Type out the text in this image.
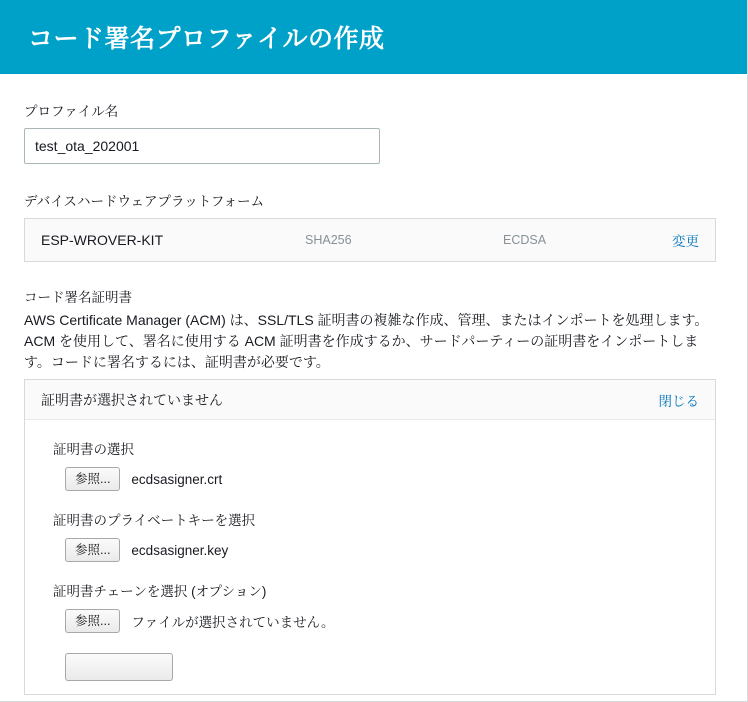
コード署名プロファイルの作成
プロファイル名
test_ota_202001
デバイスハードウェアプラットフォーム
ESP-WROVER-KIT	SHA256	ECDSA	変更
コード署名証明書

AWS Certificate Manager (ACM) は、SSL/TLS 証明書の複雑な作成、管理、またはインポートを処理します。 ACM を使用して、署名に使用する ACM 証明書を作成するか、サードパーティーの証明書をインポートしま す。コードに署名するには、証明書が必要です。

証明書が選択されていません	閉じる
証明書の選択
参照...	ecdsasigner.crt
証明書のプライベートキーを選択
参照...	ecdsasigner.key
証明書チェーンを選択 (オプション)
参照...	ファイルが選択されていません。
